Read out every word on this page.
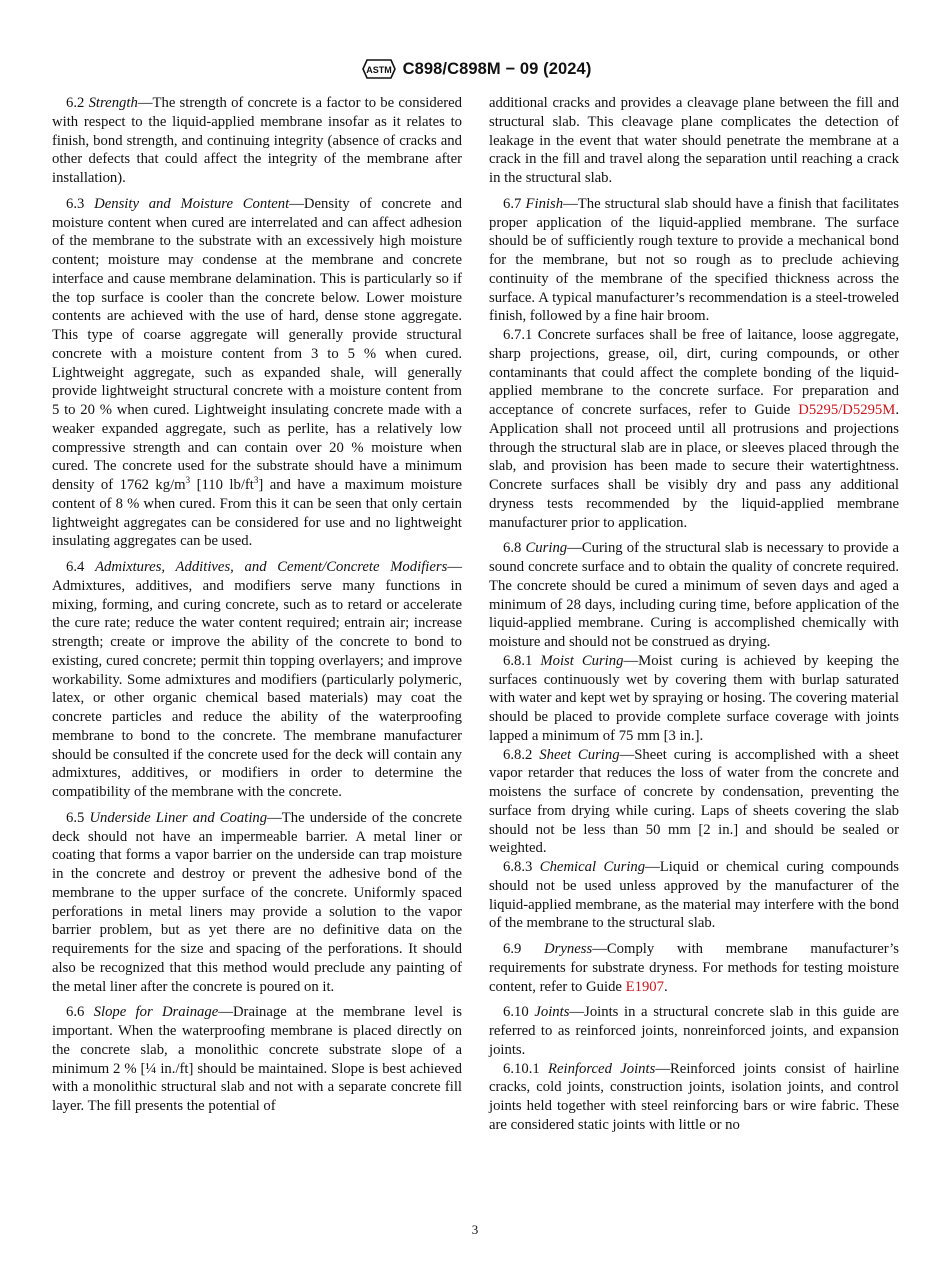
ASTM C898/C898M − 09 (2024)

6.2 Strength—The strength of concrete is a factor to be considered with respect to the liquid-applied membrane insofar as it relates to finish, bond strength, and continuing integrity (absence of cracks and other defects that could affect the integrity of the membrane after installation).

6.3 Density and Moisture Content—Density of concrete and moisture content when cured are interrelated and can affect adhesion of the membrane to the substrate with an excessively high moisture content; moisture may condense at the membrane and concrete interface and cause membrane delamination. This is particularly so if the top surface is cooler than the concrete below. Lower moisture contents are achieved with the use of hard, dense stone aggregate. This type of coarse aggregate will generally provide structural concrete with a moisture content from 3 to 5 % when cured. Lightweight aggregate, such as expanded shale, will generally provide lightweight structural concrete with a moisture content from 5 to 20 % when cured. Lightweight insulating concrete made with a weaker expanded aggregate, such as perlite, has a relatively low compressive strength and can contain over 20 % moisture when cured. The concrete used for the substrate should have a minimum density of 1762 $kg/m^3$ [110 $lb/ft^3$] and have a maximum moisture content of 8 % when cured. From this it can be seen that only certain lightweight aggregates can be considered for use and no lightweight insulating aggregates can be used.

6.4 Admixtures, Additives, and Cement/Concrete Modifiers—Admixtures, additives, and modifiers serve many functions in mixing, forming, and curing concrete, such as to retard or accelerate the cure rate; reduce the water content required; entrain air; increase strength; create or improve the ability of the concrete to bond to existing, cured concrete; permit thin topping overlayers; and improve workability. Some admixtures and modifiers (particularly polymeric, latex, or other organic chemical based materials) may coat the concrete particles and reduce the ability of the waterproofing membrane to bond to the concrete. The membrane manufacturer should be consulted if the concrete used for the deck will contain any admixtures, additives, or modifiers in order to determine the compatibility of the membrane with the concrete.

6.5 Underside Liner and Coating—The underside of the concrete deck should not have an impermeable barrier. A metal liner or coating that forms a vapor barrier on the underside can trap moisture in the concrete and destroy or prevent the adhesive bond of the membrane to the upper surface of the concrete. Uniformly spaced perforations in metal liners may provide a solution to the vapor barrier problem, but as yet there are no definitive data on the requirements for the size and spacing of the perforations. It should also be recognized that this method would preclude any painting of the metal liner after the concrete is poured on it.

6.6 Slope for Drainage—Drainage at the membrane level is important. When the waterproofing membrane is placed directly on the concrete slab, a monolithic concrete substrate slope of a minimum 2 % [¼ in./ft] should be maintained. Slope is best achieved with a monolithic structural slab and not with a separate concrete fill layer. The fill presents the potential of

additional cracks and provides a cleavage plane between the fill and structural slab. This cleavage plane complicates the detection of leakage in the event that water should penetrate the membrane at a crack in the fill and travel along the separation until reaching a crack in the structural slab.

6.7 Finish—The structural slab should have a finish that facilitates proper application of the liquid-applied membrane. The surface should be of sufficiently rough texture to provide a mechanical bond for the membrane, but not so rough as to preclude achieving continuity of the membrane of the specified thickness across the surface. A typical manufacturer’s recommendation is a steel-troweled finish, followed by a fine hair broom.

6.7.1 Concrete surfaces shall be free of laitance, loose aggregate, sharp projections, grease, oil, dirt, curing compounds, or other contaminants that could affect the complete bonding of the liquid-applied membrane to the concrete surface. For preparation and acceptance of concrete surfaces, refer to Guide D5295/D5295M. Application shall not proceed until all protrusions and projections through the structural slab are in place, or sleeves placed through the slab, and provision has been made to secure their watertightness. Concrete surfaces shall be visibly dry and pass any additional dryness tests recommended by the liquid-applied membrane manufacturer prior to application.

6.8 Curing—Curing of the structural slab is necessary to provide a sound concrete surface and to obtain the quality of concrete required. The concrete should be cured a minimum of seven days and aged a minimum of 28 days, including curing time, before application of the liquid-applied membrane. Curing is accomplished chemically with moisture and should not be construed as drying.

6.8.1 Moist Curing—Moist curing is achieved by keeping the surfaces continuously wet by covering them with burlap saturated with water and kept wet by spraying or hosing. The covering material should be placed to provide complete surface coverage with joints lapped a minimum of 75 mm [3 in.].

6.8.2 Sheet Curing—Sheet curing is accomplished with a sheet vapor retarder that reduces the loss of water from the concrete and moistens the surface of concrete by condensation, preventing the surface from drying while curing. Laps of sheets covering the slab should not be less than 50 mm [2 in.] and should be sealed or weighted.

6.8.3 Chemical Curing—Liquid or chemical curing compounds should not be used unless approved by the manufacturer of the liquid-applied membrane, as the material may interfere with the bond of the membrane to the structural slab.

6.9 Dryness—Comply with membrane manufacturer’s requirements for substrate dryness. For methods for testing moisture content, refer to Guide E1907.

6.10 Joints—Joints in a structural concrete slab in this guide are referred to as reinforced joints, nonreinforced joints, and expansion joints.

6.10.1 Reinforced Joints—Reinforced joints consist of hairline cracks, cold joints, construction joints, isolation joints, and control joints held together with steel reinforcing bars or wire fabric. These are considered static joints with little or no

3
